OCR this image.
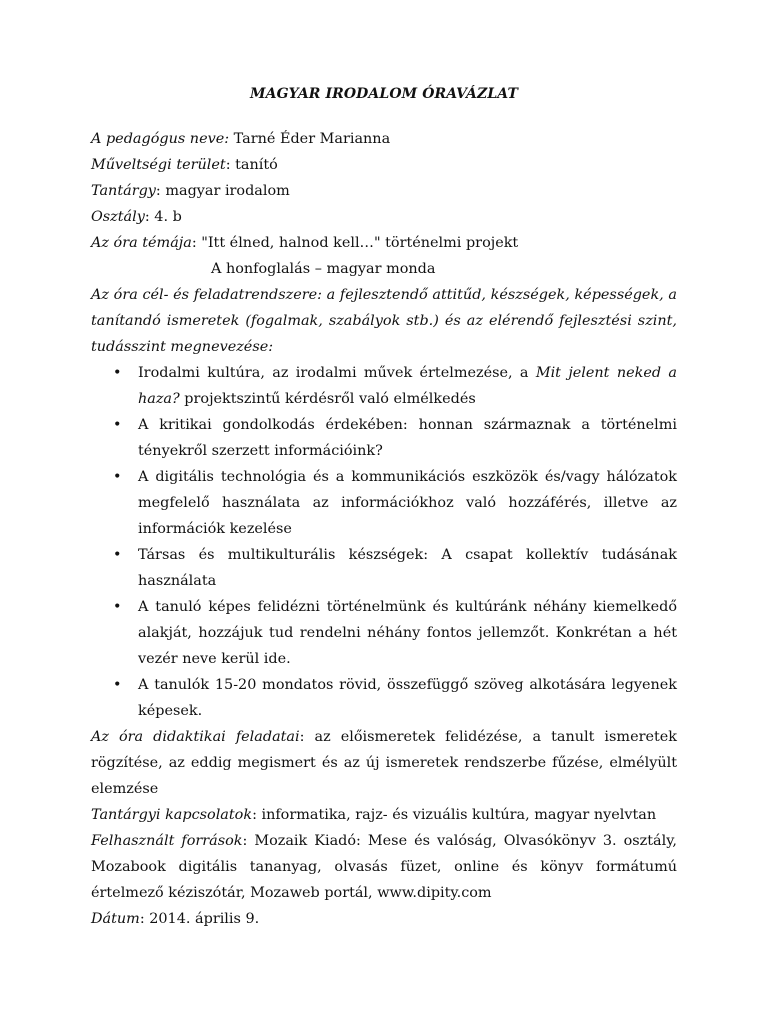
MAGYAR IRODALOM ÓRAVÁZLAT

A pedagógus neve: Tarné Éder Marianna

Műveltségi terület: tanító

Tantárgy: magyar irodalom

Osztály: 4. b

Az óra témája: "Itt élned, halnod kell…" történelmi projekt

A honfoglalás – magyar monda

Az óra cél- és feladatrendszere: a fejlesztendő attitűd, készségek, képességek, a tanítandó ismeretek (fogalmak, szabályok stb.) és az elérendő fejlesztési szint, tudásszint megnevezése:

• Irodalmi kultúra, az irodalmi művek értelmezése, a Mit jelent neked a haza? projektszintű kérdésről való elmélkedés
• A kritikai gondolkodás érdekében: honnan származnak a történelmi tényekről szerzett információink?
• A digitális technológia és a kommunikációs eszközök és/vagy hálózatok megfelelő használata az információkhoz való hozzáférés, illetve az információk kezelése
• Társas és multikulturális készségek: A csapat kollektív tudásának használata
• A tanuló képes felidézni történelmünk és kultúránk néhány kiemelkedő alakját, hozzájuk tud rendelni néhány fontos jellemzőt. Konkrétan a hét vezér neve kerül ide.
• A tanulók 15-20 mondatos rövid, összefüggő szöveg alkotására legyenek képesek.

Az óra didaktikai feladatai: az előismeretek felidézése, a tanult ismeretek rögzítése, az eddig megismert és az új ismeretek rendszerbe fűzése, elmélyült elemzése

Tantárgyi kapcsolatok: informatika, rajz- és vizuális kultúra, magyar nyelvtan

Felhasznált források: Mozaik Kiadó: Mese és valóság, Olvasókönyv 3. osztály, Mozabook digitális tananyag, olvasás füzet, online és könyv formátumú értelmező kéziszótár, Mozaweb portál, www.dipity.com

Dátum: 2014. április 9.
